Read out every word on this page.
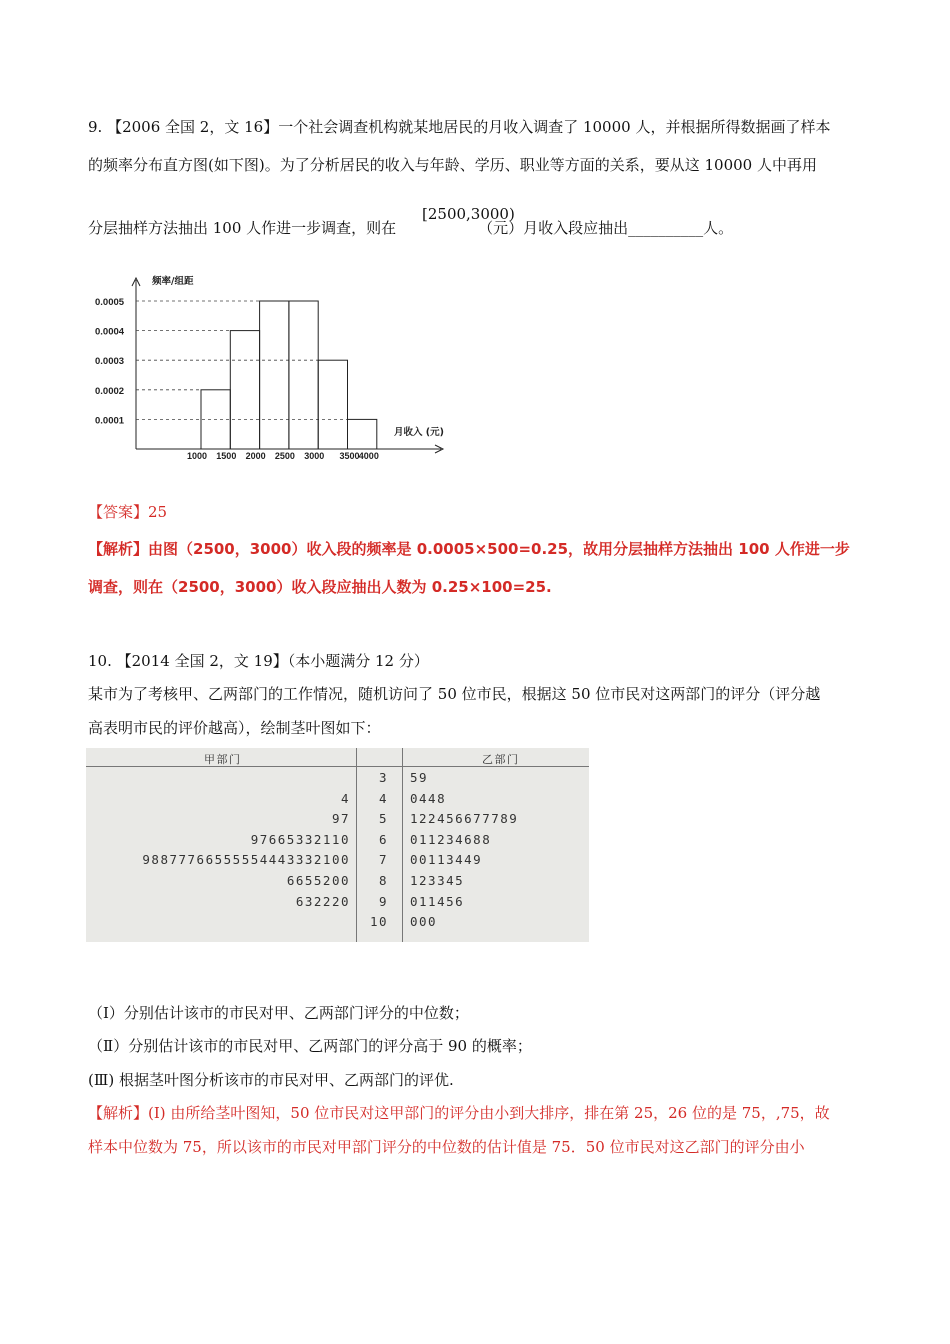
9. 【2006 全国 2，文 16】一个社会调查机构就某地居民的月收入调查了 10000 人，并根据所得数据画了样本
的频率分布直方图(如下图)。为了分析居民的收入与年龄、学历、职业等方面的关系，要从这 10000 人中再用
分层抽样方法抽出 100 人作进一步调查，则在	（元）月收入段应抽出__________人。
[2500,3000)
0.0001
0.0002
0.0003
0.0004
0.0005
1000 1500 2000 2500 3000 3500 4000
频率/组距
月收入 (元)
【答案】25
【解析】由图（2500，3000）收入段的频率是 0.0005×500=0.25，故用分层抽样方法抽出 100 人作进一步
调查，则在（2500，3000）收入段应抽出人数为 0.25×100=25.
10. 【2014 全国 2，文 19】（本小题满分 12 分）
某市为了考核甲、乙两部门的工作情况，随机访问了 50 位市民，根据这 50 位市民对这两部门的评分（评分越
高表明市民的评价越高），绘制茎叶图如下：
甲部门	乙部门
3 59
4 4 0448
97 5 122456677789
97665332110 6 011234688
98877766555554443332100 7 00113449
6655200 8 123345
632220 9 011456
10 000
（Ⅰ）分别估计该市的市民对甲、乙两部门评分的中位数；
（Ⅱ）分别估计该市的市民对甲、乙两部门的评分高于 90 的概率；
(Ⅲ) 根据茎叶图分析该市的市民对甲、乙两部门的评优.
【解析】(Ⅰ) 由所给茎叶图知，50 位市民对这甲部门的评分由小到大排序，排在第 25，26 位的是 75，,75，故
样本中位数为 75，所以该市的市民对甲部门评分的中位数的估计值是 75．50 位市民对这乙部门的评分由小
